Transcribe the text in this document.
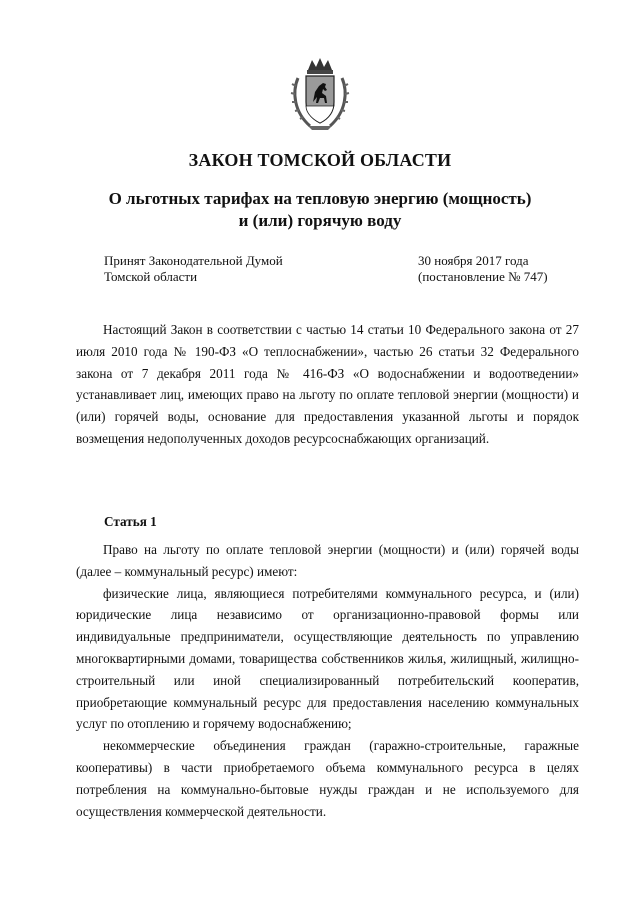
ЗАКОН ТОМСКОЙ ОБЛАСТИ
О льготных тарифах на тепловую энергию (мощность)
и (или) горячую воду
Принят Законодательной Думой
Томской области
30 ноября 2017 года
(постановление № 747)

Настоящий Закон в соответствии с частью 14 статьи 10 Федерального закона от 27 июля 2010 года № 190-ФЗ «О теплоснабжении», частью 26 статьи 32 Федерального закона от 7 декабря 2011 года № 416-ФЗ «О водоснабжении и водоотведении» устанавливает лиц, имеющих право на льготу по оплате тепловой энергии (мощности) и (или) горячей воды, основание для предоставления указанной льготы и порядок возмещения недополученных доходов ресурсоснабжающих организаций.

Статья 1

Право на льготу по оплате тепловой энергии (мощности) и (или) горячей воды (далее – коммунальный ресурс) имеют:

физические лица, являющиеся потребителями коммунального ресурса, и (или) юридические лица независимо от организационно-правовой формы или индивидуальные предприниматели, осуществляющие деятельность по управлению многоквартирными домами, товарищества собственников жилья, жилищный, жилищно-строительный или иной специализированный потребительский кооператив, приобретающие коммунальный ресурс для предоставления населению коммунальных услуг по отоплению и горячему водоснабжению;

некоммерческие объединения граждан (гаражно-строительные, гаражные кооперативы) в части приобретаемого объема коммунального ресурса в целях потребления на коммунально-бытовые нужды граждан и не используемого для осуществления коммерческой деятельности.
